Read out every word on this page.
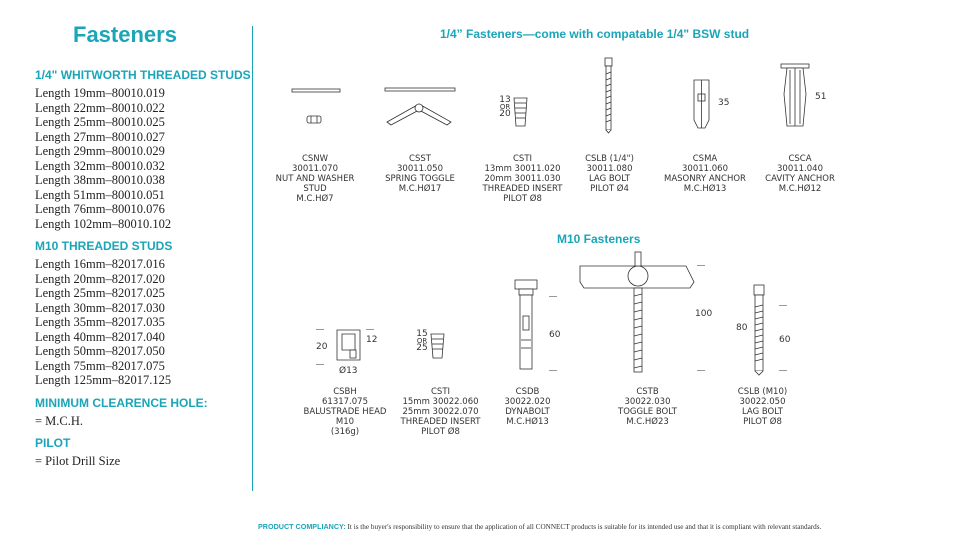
Fasteners
1/4" WHITWORTH THREADED STUDS
Length 19mm–80010.019
Length 22mm–80010.022
Length 25mm–80010.025
Length 27mm–80010.027
Length 29mm–80010.029
Length 32mm–80010.032
Length 38mm–80010.038
Length 51mm–80010.051
Length 76mm–80010.076
Length 102mm–80010.102
M10 THREADED STUDS
Length 16mm–82017.016
Length 20mm–82017.020
Length 25mm–82017.025
Length 30mm–82017.030
Length 35mm–82017.035
Length 40mm–82017.040
Length 50mm–82017.050
Length 75mm–82017.075
Length 125mm–82017.125
MINIMUM CLEARENCE HOLE:
= M.C.H.
PILOT
= Pilot Drill Size
1/4” Fasteners—come with compatable 1/4" BSW stud
CSNW
30011.070
NUT AND WASHER
STUD
M.C.HØ7
CSST
30011.050
SPRING TOGGLE
M.C.HØ17
13
OR
20
CSTI
13mm 30011.020
20mm 30011.030
THREADED INSERT
PILOT Ø8
CSLB (1/4")
30011.080
LAG BOLT
PILOT Ø4
35
CSMA
30011.060
MASONRY ANCHOR
M.C.HØ13
51
CSCA
30011.040
CAVITY ANCHOR
M.C.HØ12
M10 Fasteners
20
12
Ø13
CSBH
61317.075
BALUSTRADE HEAD
M10
(316g)
15
OR
25
CSTI
15mm 30022.060
25mm 30022.070
THREADED INSERT
PILOT Ø8
60
CSDB
30022.020
DYNABOLT
M.C.HØ13
100
CSTB
30022.030
TOGGLE BOLT
M.C.HØ23
80
60
CSLB (M10)
30022.050
LAG BOLT
PILOT Ø8
PRODUCT COMPLIANCY: It is the buyer's responsibility to ensure that the application of all CONNECT products is suitable for its intended use and that it is compliant with relevant standards.
